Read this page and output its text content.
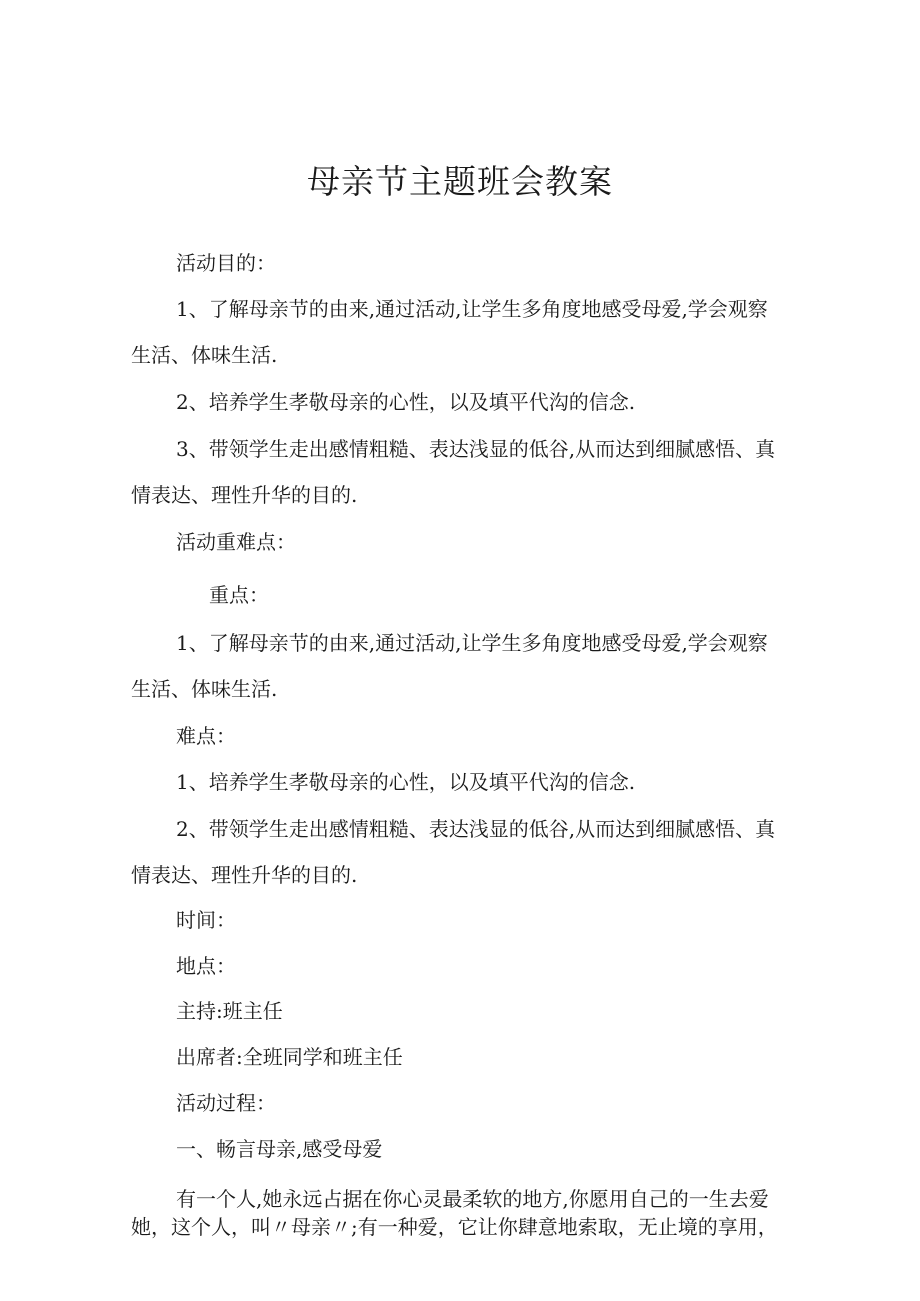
母亲节主题班会教案

活动目的：

1、了解母亲节的由来,通过活动,让学生多角度地感受母爱,学会观察

生活、体味生活.

2、培养学生孝敬母亲的心性，以及填平代沟的信念.

3、带领学生走出感情粗糙、表达浅显的低谷,从而达到细腻感悟、真

情表达、理性升华的目的.

活动重难点：

重点：

1、了解母亲节的由来,通过活动,让学生多角度地感受母爱,学会观察

生活、体味生活.

难点：

1、培养学生孝敬母亲的心性，以及填平代沟的信念.

2、带领学生走出感情粗糙、表达浅显的低谷,从而达到细腻感悟、真

情表达、理性升华的目的.

时间：

地点：

主持:班主任

出席者:全班同学和班主任

活动过程：

一、畅言母亲,感受母爱

有一个人,她永远占据在你心灵最柔软的地方,你愿用自己的一生去爱

她，这个人，叫〃母亲〃;有一种爱，它让你肆意地索取，无止境的享用，
